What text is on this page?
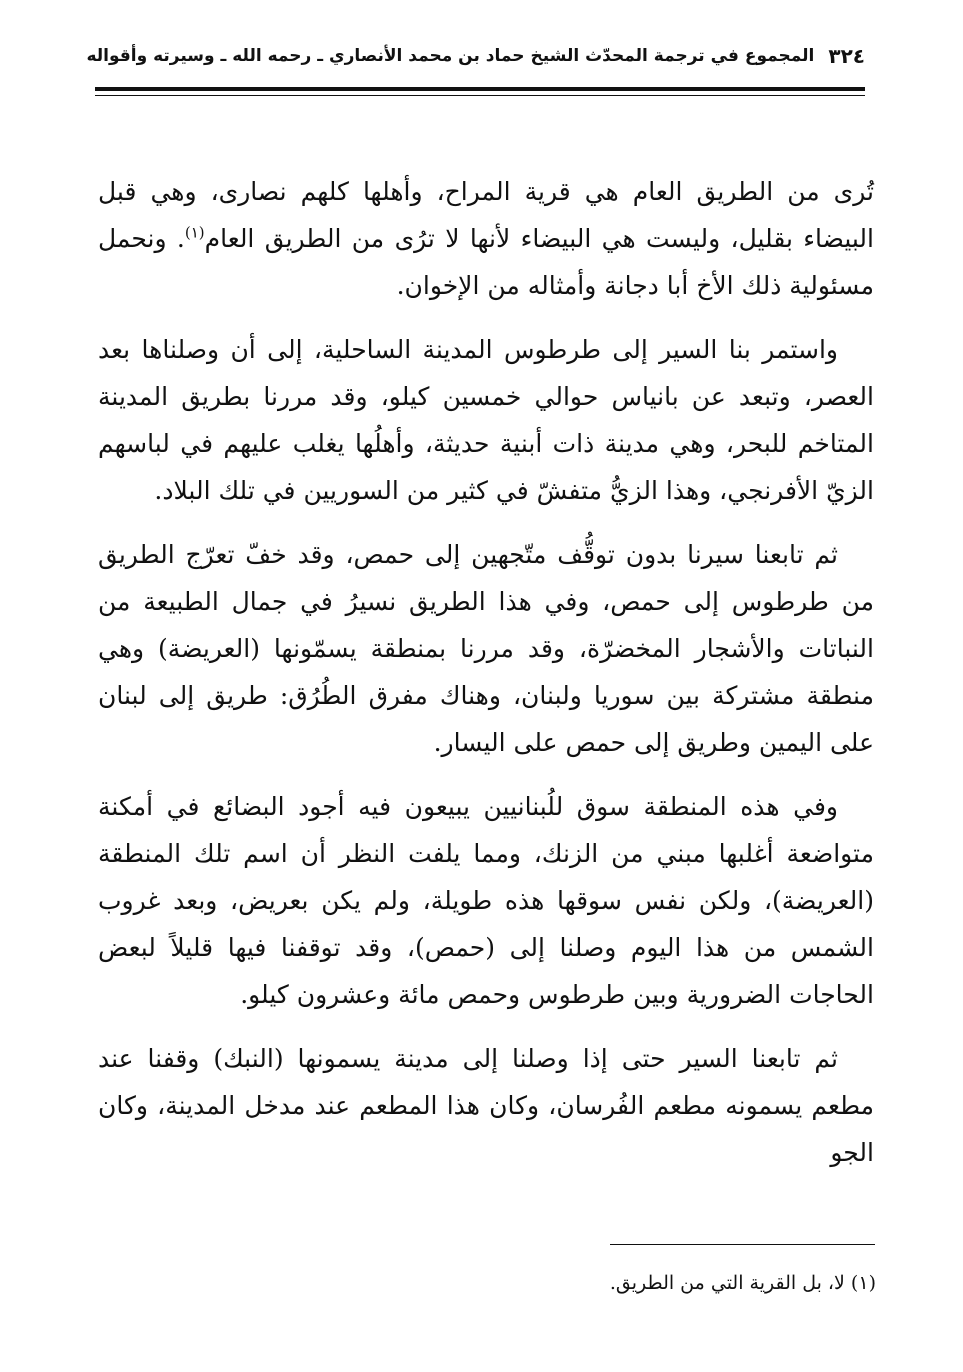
٣٢٤
المجموع في ترجمة المحدّث الشيخ حماد بن محمد الأنصاري ـ رحمه الله ـ وسيرته وأقواله

تُرى من الطريق العام هي قرية المراح، وأهلها كلهم نصارى، وهي قبل البيضاء بقليل، وليست هي البيضاء لأنها لا ترُى من الطريق العام$^{(١)}$. ونحمل مسئولية ذلك الأخ أبا دجانة وأمثاله من الإخوان.

واستمر بنا السير إلى طرطوس المدينة الساحلية، إلى أن وصلناها بعد العصر، وتبعد عن بانياس حوالي خمسين كيلو، وقد مررنا بطريق المدينة المتاخم للبحر، وهي مدينة ذات أبنية حديثة، وأهلُها يغلب عليهم في لباسهم الزيّ الأفرنجي، وهذا الزيُّ متفشّ في كثير من السوريين في تلك البلاد.

ثم تابعنا سيرنا بدون توقُّف متّجهين إلى حمص، وقد خفّ تعرّج الطريق من طرطوس إلى حمص، وفي هذا الطريق نسيرُ في جمال الطبيعة من النباتات والأشجار المخضرّة، وقد مررنا بمنطقة يسمّونها (العريضة) وهي منطقة مشتركة بين سوريا ولبنان، وهناك مفرق الطُرُق: طريق إلى لبنان على اليمين وطريق إلى حمص على اليسار.

وفي هذه المنطقة سوق للُبنانيين يبيعون فيه أجود البضائع في أمكنة متواضعة أغلبها مبني من الزنك، ومما يلفت النظر أن اسم تلك المنطقة (العريضة)، ولكن نفس سوقها هذه طويلة، ولم يكن بعريض، وبعد غروب الشمس من هذا اليوم وصلنا إلى (حمص)، وقد توقفنا فيها قليلاً لبعض الحاجات الضرورية وبين طرطوس وحمص مائة وعشرون كيلو.

ثم تابعنا السير حتى إذا وصلنا إلى مدينة يسمونها (النبك) وقفنا عند مطعم يسمونه مطعم الفُرسان، وكان هذا المطعم عند مدخل المدينة، وكان الجو

(١) لا، بل القرية التي من الطريق.
